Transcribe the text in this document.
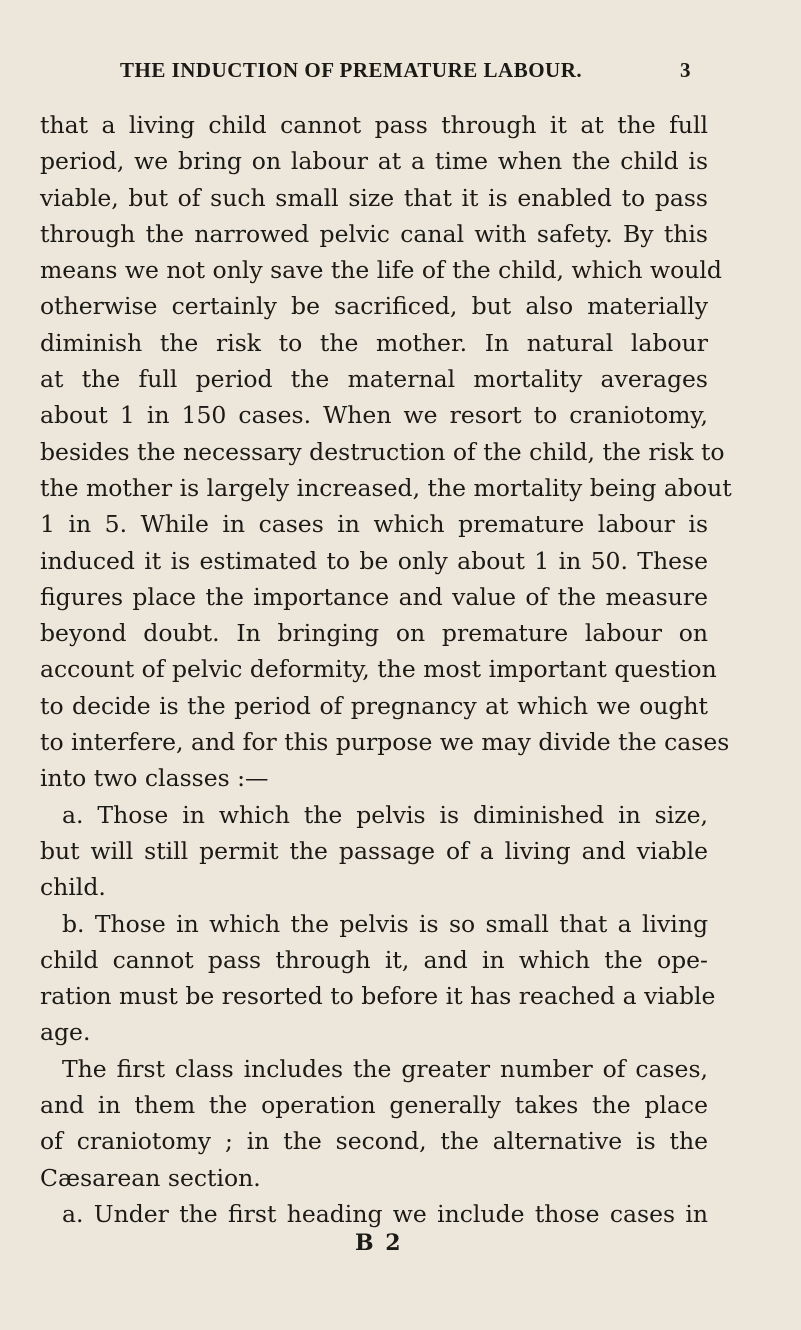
THE INDUCTION OF PREMATURE LABOUR.	3
that a living child cannot pass through it at the full
period, we bring on labour at a time when the child is
viable, but of such small size that it is enabled to pass
through the narrowed pelvic canal with safety. By this
means we not only save the life of the child, which would
otherwise certainly be sacrificed, but also materially
diminish the risk to the mother. In natural labour
at the full period the maternal mortality averages
about 1 in 150 cases. When we resort to craniotomy,
besides the necessary destruction of the child, the risk to
the mother is largely increased, the mortality being about
1 in 5. While in cases in which premature labour is
induced it is estimated to be only about 1 in 50. These
figures place the importance and value of the measure
beyond doubt. In bringing on premature labour on
account of pelvic deformity, the most important question
to decide is the period of pregnancy at which we ought
to interfere, and for this purpose we may divide the cases
into two classes :—
a. Those in which the pelvis is diminished in size,
but will still permit the passage of a living and viable
child.
b. Those in which the pelvis is so small that a living
child cannot pass through it, and in which the ope-
ration must be resorted to before it has reached a viable
age.
The first class includes the greater number of cases,
and in them the operation generally takes the place
of craniotomy ; in the second, the alternative is the
Cæsarean section.
a. Under the first heading we include those cases in
B 2
